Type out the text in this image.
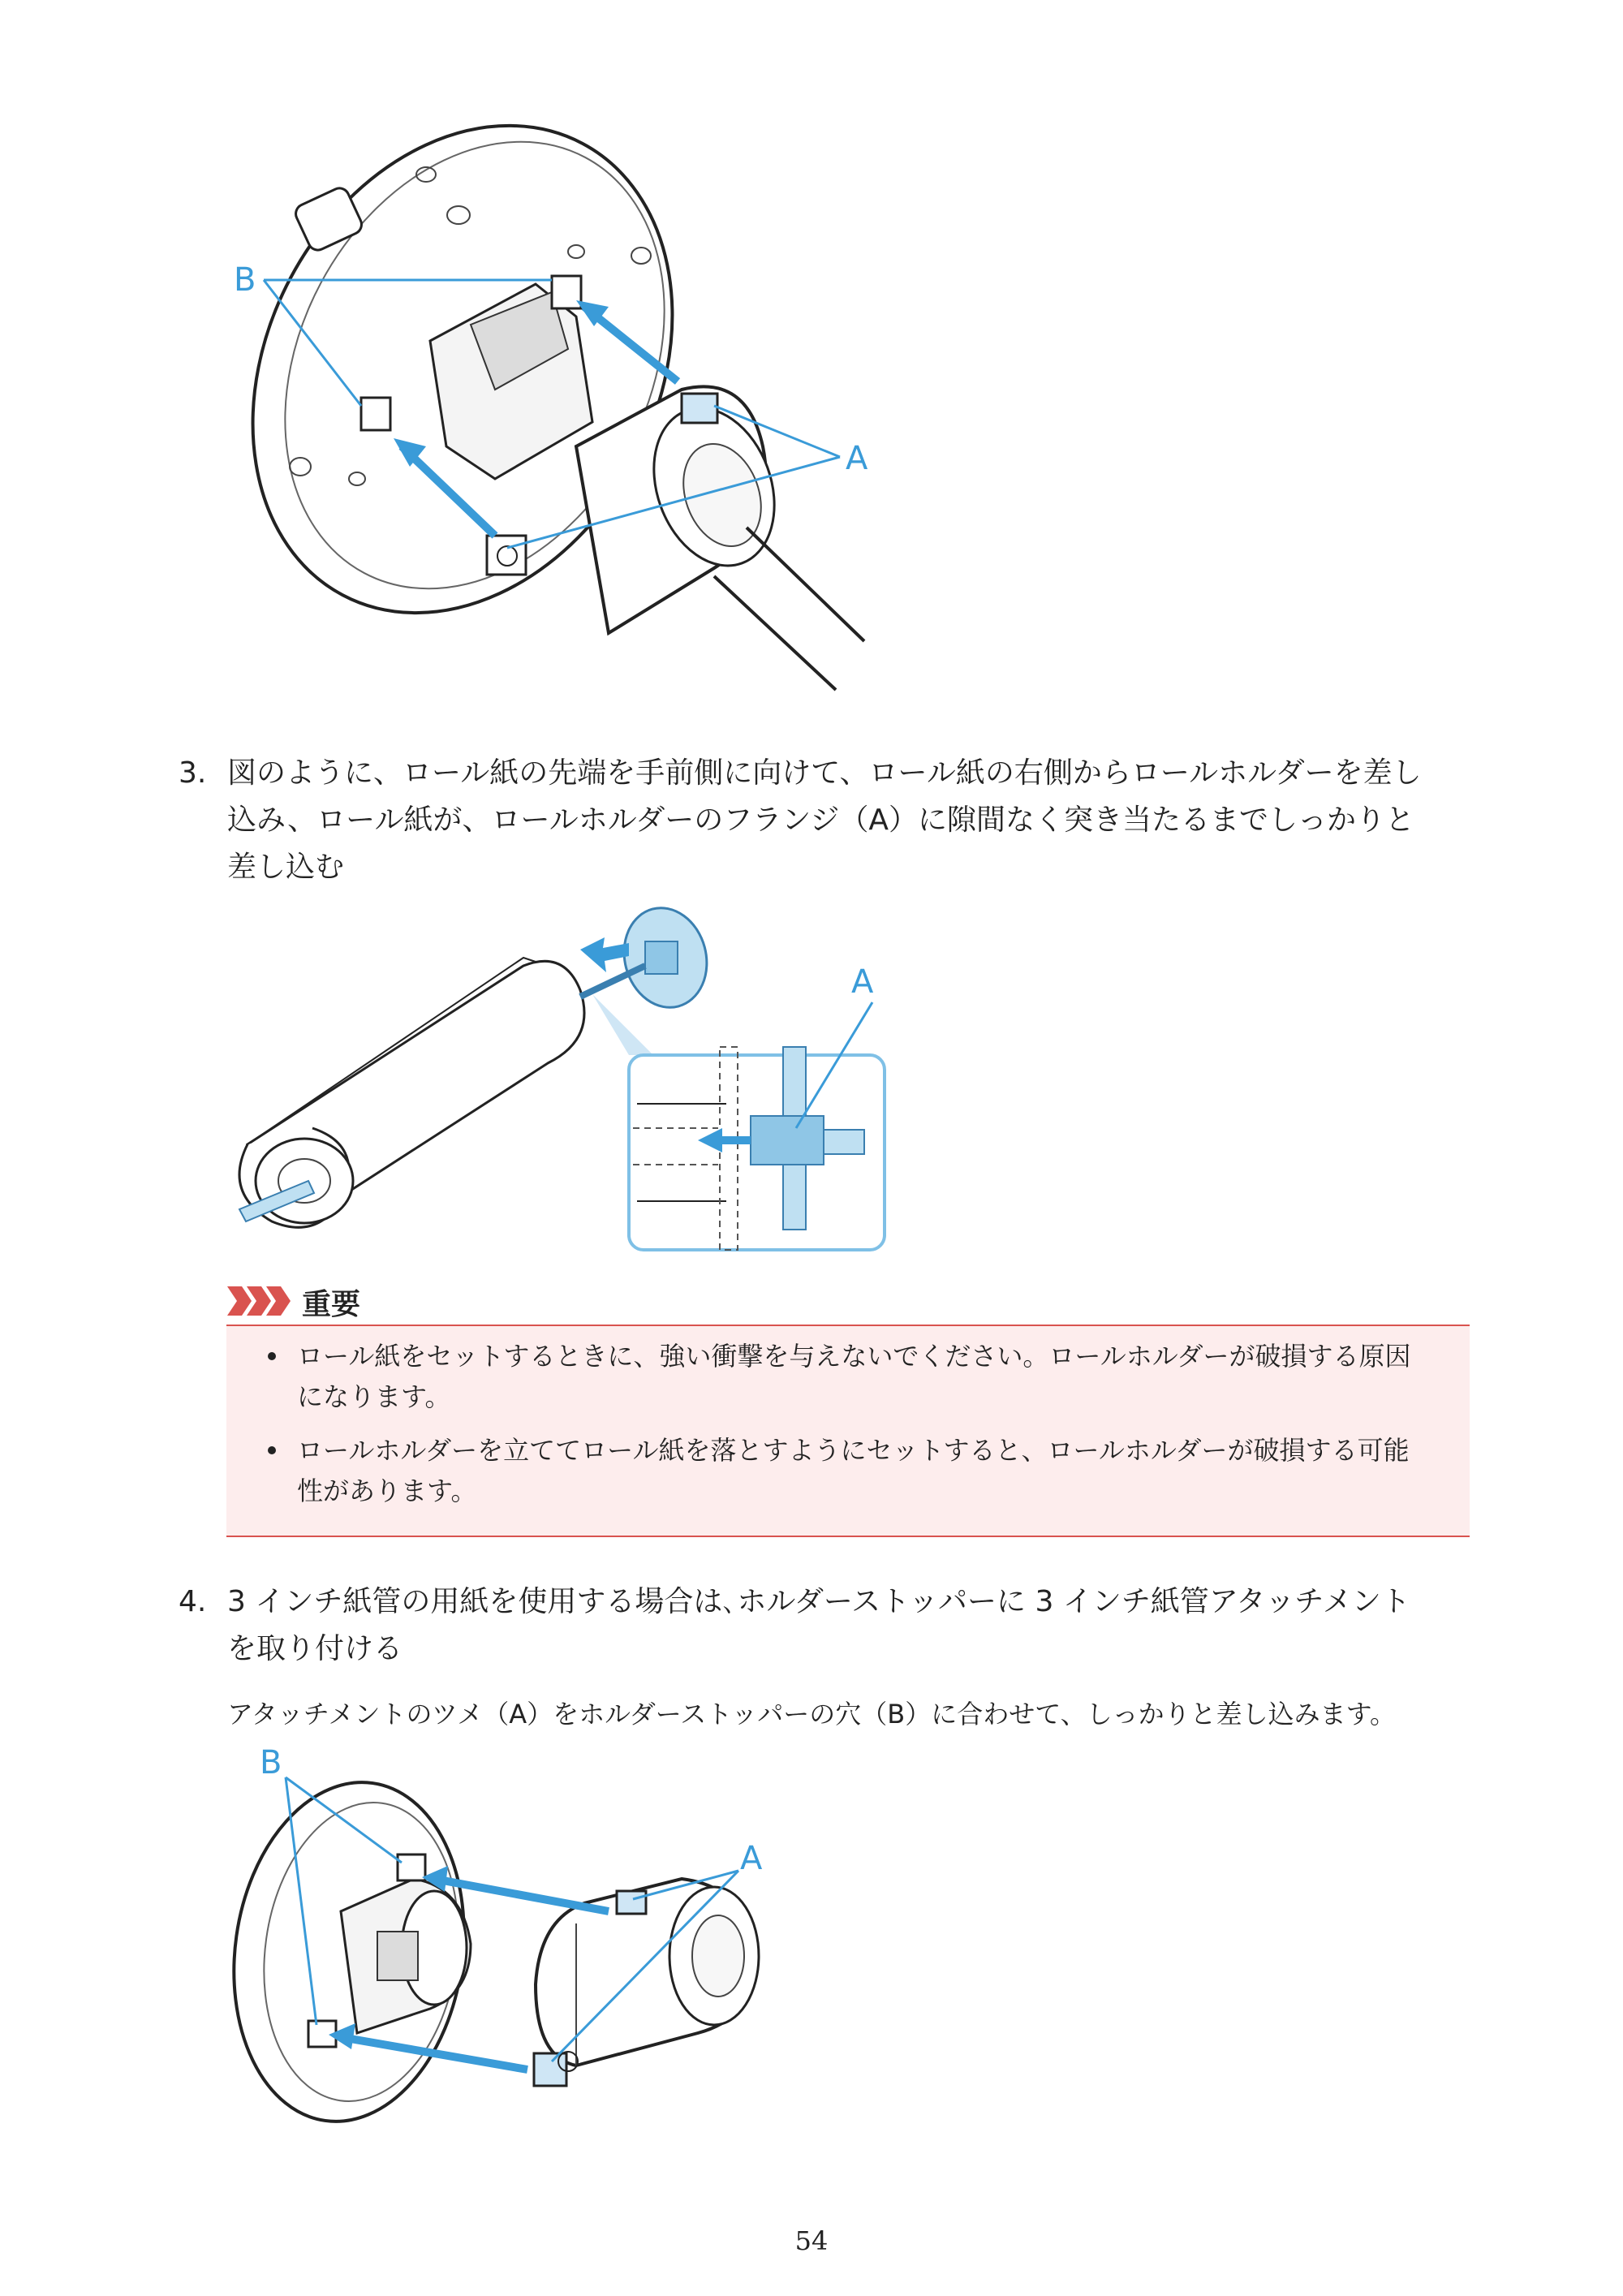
B
A
3. 図のように、ロール紙の先端を手前側に向けて、ロール紙の右側からロールホルダーを差し
込み、ロール紙が、ロールホルダーのフランジ（A）に隙間なく突き当たるまでしっかりと
差し込む
A
重要
ロール紙をセットするときに、強い衝撃を与えないでください。ロールホルダーが破損する原因
になります。
ロールホルダーを立ててロール紙を落とすようにセットすると、ロールホルダーが破損する可能
性があります。
4. 3 インチ紙管の用紙を使用する場合は､ホルダーストッパーに 3 インチ紙管アタッチメント
を取り付ける
アタッチメントのツメ（A）をホルダーストッパーの穴（B）に合わせて、しっかりと差し込みます。
B
A
54
